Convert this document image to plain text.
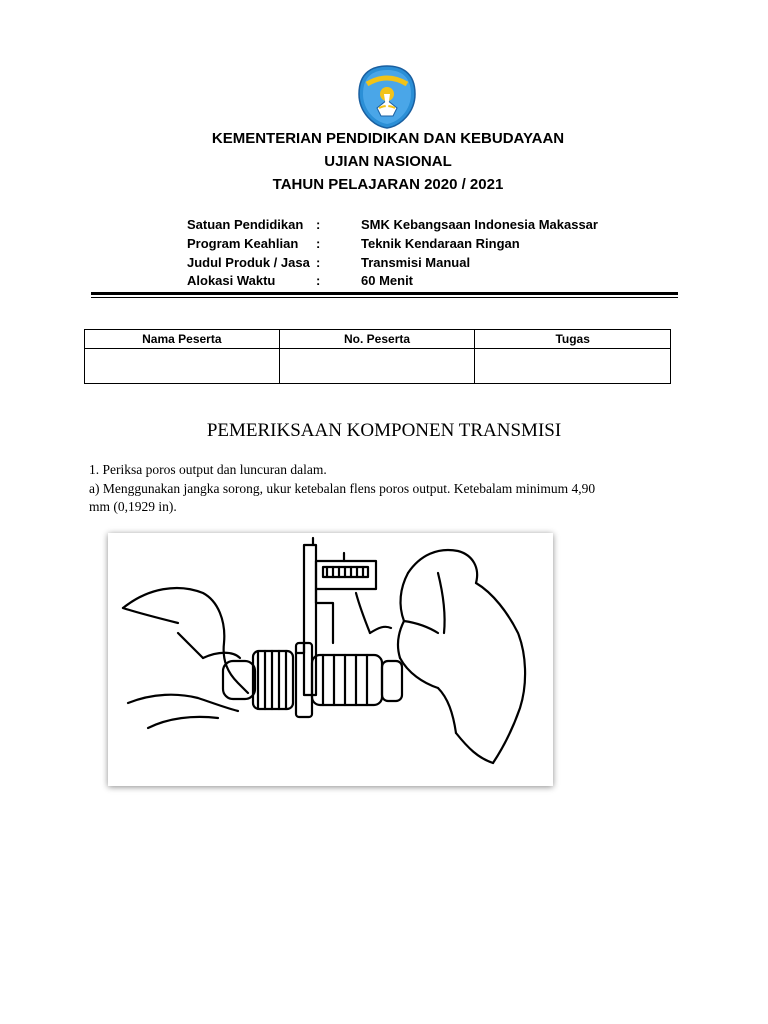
KEMENTERIAN PENDIDIKAN DAN KEBUDAYAAN
UJIAN NASIONAL
TAHUN PELAJARAN 2020 / 2021
Satuan Pendidikan :	SMK Kebangsaan Indonesia Makassar
Program Keahlian :	Teknik Kendaraan Ringan
Judul Produk / Jasa :	Transmisi Manual
Alokasi Waktu	:	60 Menit
Nama Peserta	No. Peserta	Tugas

PEMERIKSAAN KOMPONEN TRANSMISI
1. Periksa poros output dan luncuran dalam.
a) Menggunakan jangka sorong, ukur ketebalan flens poros output. Ketebalam minimum 4,90
mm (0,1929 in).
